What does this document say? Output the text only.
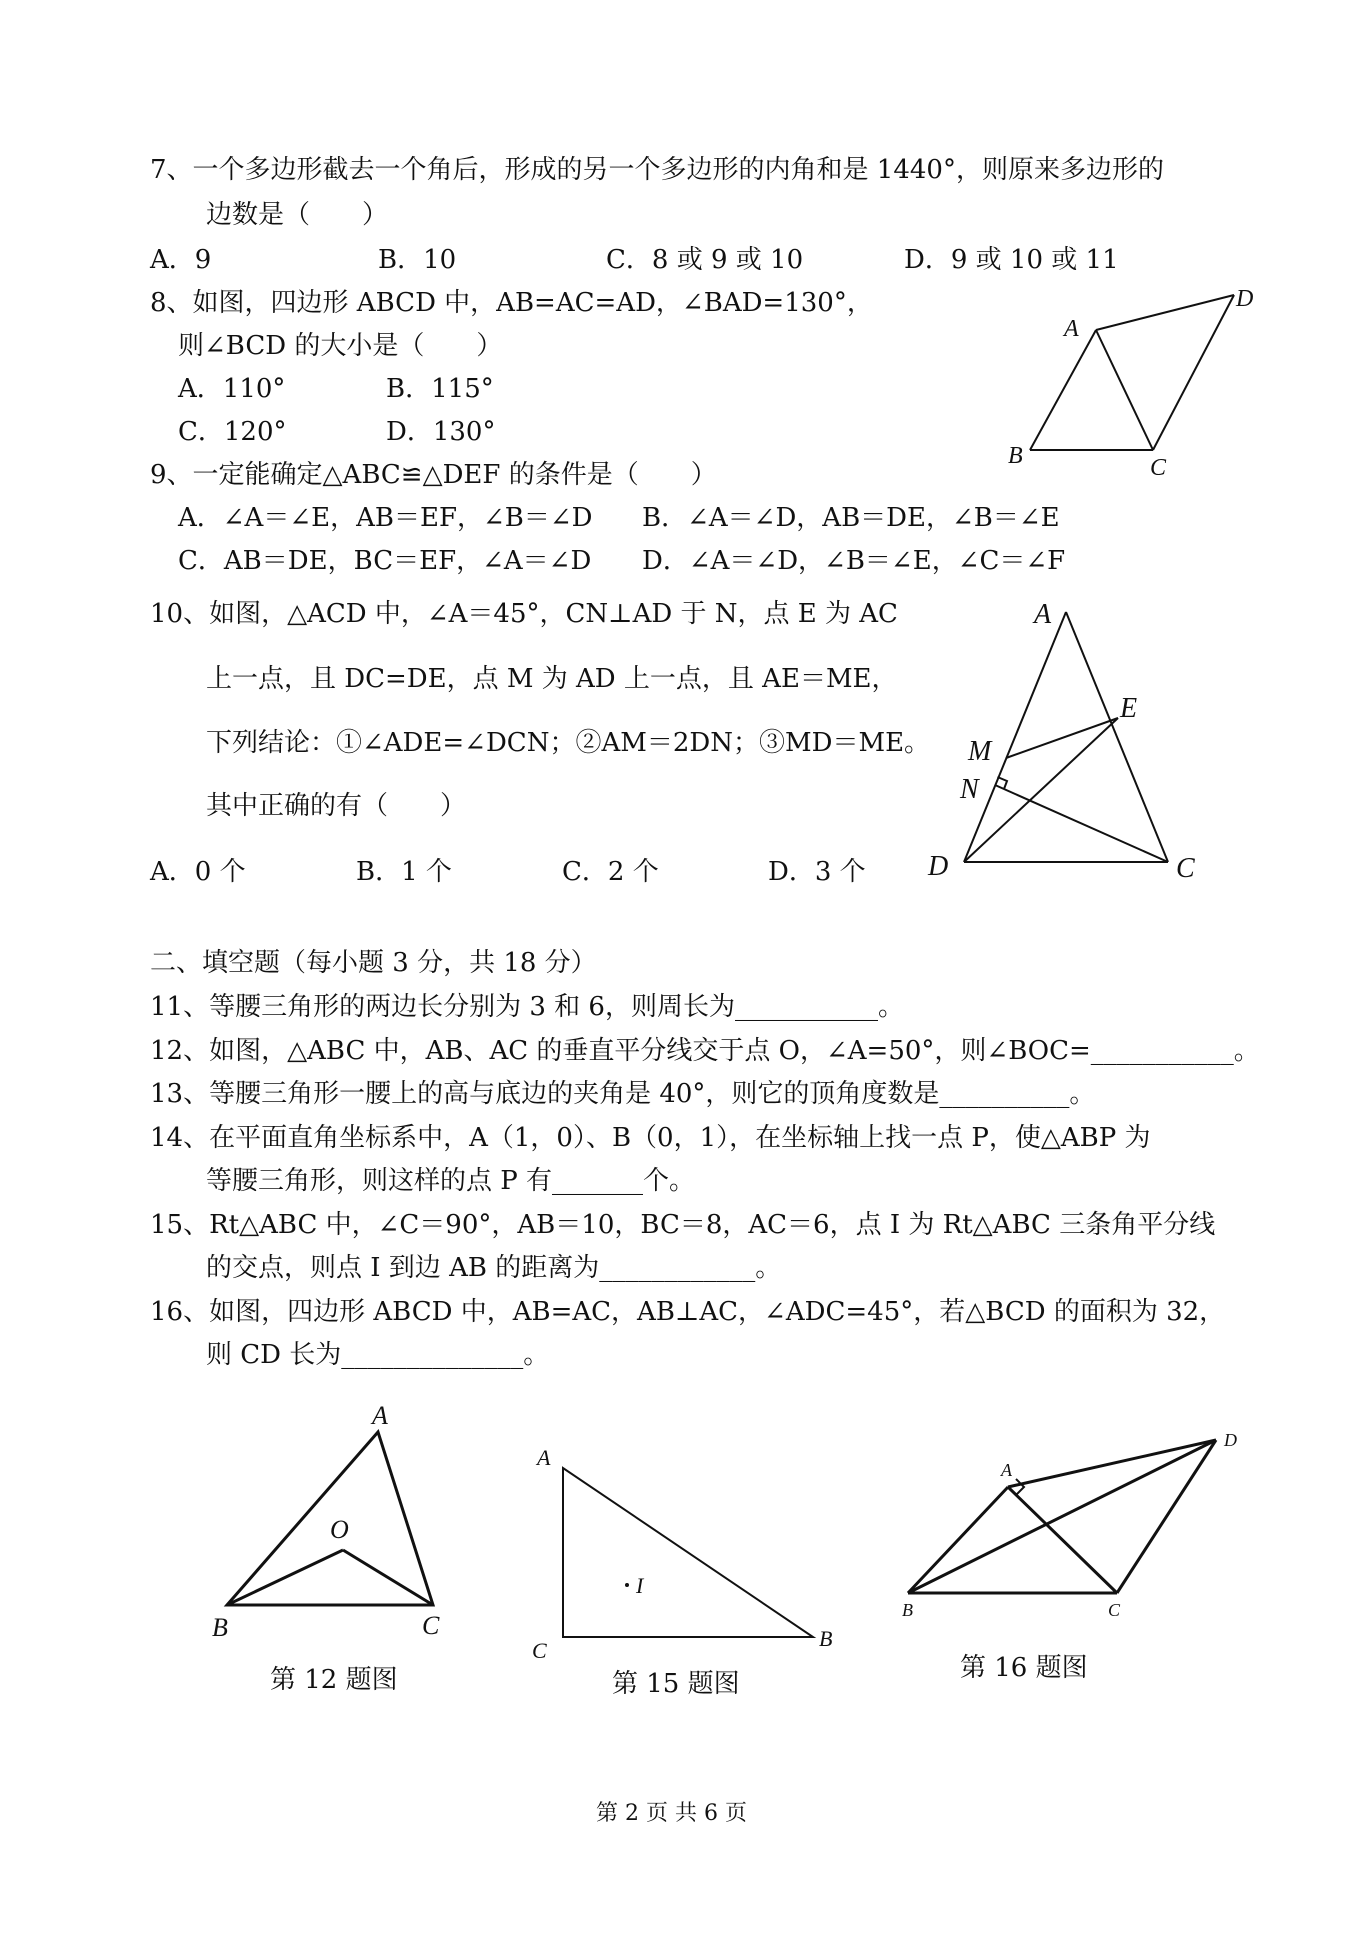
7、一个多边形截去一个角后，形成的另一个多边形的内角和是 1440°，则原来多边形的
边数是（　　）
A．9	B．10	C．8 或 9 或 10	D．9 或 10 或 11
8、如图，四边形 ABCD 中，AB=AC=AD，∠BAD=130°，
则∠BCD 的大小是（　　）
A．110°	B．115°
C．120°	D．130°
A
D
B	C
9、一定能确定△ABC≌△DEF 的条件是（　　）
A．∠A＝∠E，AB＝EF，∠B＝∠D B．∠A＝∠D，AB＝DE，∠B＝∠E
C．AB＝DE，BC＝EF，∠A＝∠D D．∠A＝∠D，∠B＝∠E，∠C＝∠F
10、如图，△ACD 中，∠A＝45°，CN⊥AD 于 N，点 E 为 AC
上一点，且 DC=DE，点 M 为 AD 上一点，且 AE＝ME，
下列结论：①∠ADE=∠DCN；②AM＝2DN；③MD＝ME。
其中正确的有（　　）
A．0 个	B．1 个	C．2 个	D．3 个
A
E
M
N
D	C
二、填空题（每小题 3 分，共 18 分）
11、等腰三角形的两边长分别为 3 和 6，则周长为___________。
12、如图，△ABC 中，AB、AC 的垂直平分线交于点 O，∠A=50°，则∠BOC=___________。
13、等腰三角形一腰上的高与底边的夹角是 40°，则它的顶角度数是__________。
14、在平面直角坐标系中，A（1，0）、B（0，1），在坐标轴上找一点 P，使△ABP 为
等腰三角形，则这样的点 P 有_______个。
15、Rt△ABC 中，∠C＝90°，AB＝10，BC＝8，AC＝6，点 I 为 Rt△ABC 三条角平分线
的交点，则点 I 到边 AB 的距离为____________。
16、如图，四边形 ABCD 中，AB=AC，AB⊥AC，∠ADC=45°，若△BCD 的面积为 32，
则 CD 长为______________。
A
O
B	C
第 12 题图
A
I
C	B
第 15 题图
A
D
B	C
第 16 题图
第 2 页 共 6 页
